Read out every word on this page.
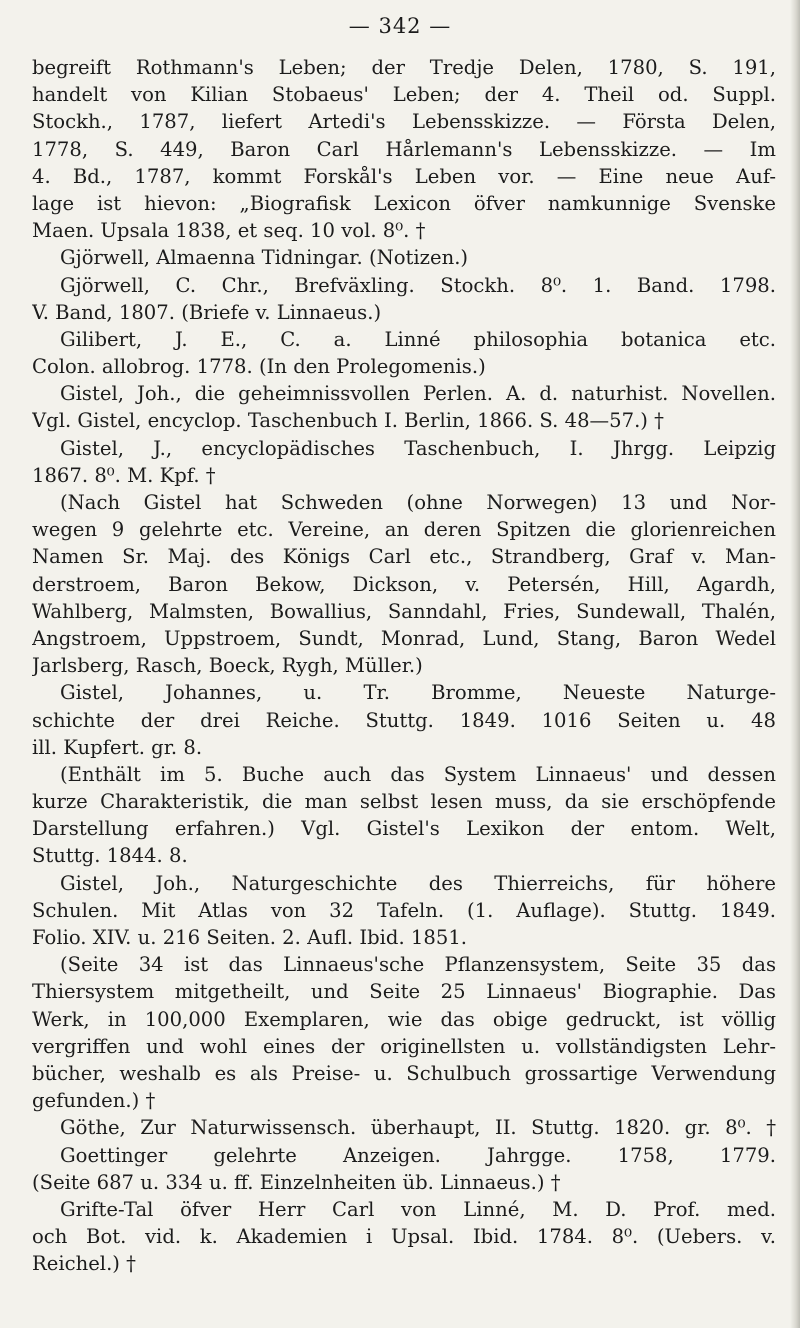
— 342 —
begreift Rothmann's Leben; der Tredje Delen, 1780, S. 191,
handelt von Kilian Stobaeus' Leben; der 4. Theil od. Suppl.
Stockh., 1787, liefert Artedi's Lebensskizze. — Första Delen,
1778, S. 449, Baron Carl Hårlemann's Lebensskizze. — Im
4. Bd., 1787, kommt Forskål's Leben vor. — Eine neue Auf-
lage ist hievon: „Biografisk Lexicon öfver namkunnige Svenske
Maen. Upsala 1838, et seq. 10 vol. 8⁰. †
Gjörwell, Almaenna Tidningar. (Notizen.)
Gjörwell, C. Chr., Brefväxling. Stockh. 8⁰. 1. Band. 1798.
V. Band, 1807. (Briefe v. Linnaeus.)
Gilibert, J. E., C. a. Linné philosophia botanica etc.
Colon. allobrog. 1778. (In den Prolegomenis.)
Gistel, Joh., die geheimnissvollen Perlen. A. d. naturhist. Novellen.
Vgl. Gistel, encyclop. Taschenbuch I. Berlin, 1866. S. 48—57.) †
Gistel, J., encyclopädisches Taschenbuch, I. Jhrgg. Leipzig
1867. 8⁰. M. Kpf. †
(Nach Gistel hat Schweden (ohne Norwegen) 13 und Nor-
wegen 9 gelehrte etc. Vereine, an deren Spitzen die glorienreichen
Namen Sr. Maj. des Königs Carl etc., Strandberg, Graf v. Man-
derstroem, Baron Bekow, Dickson, v. Petersén, Hill, Agardh,
Wahlberg, Malmsten, Bowallius, Sanndahl, Fries, Sundewall, Thalén,
Angstroem, Uppstroem, Sundt, Monrad, Lund, Stang, Baron Wedel
Jarlsberg, Rasch, Boeck, Rygh, Müller.)
Gistel, Johannes, u. Tr. Bromme, Neueste Naturge-
schichte der drei Reiche. Stuttg. 1849. 1016 Seiten u. 48
ill. Kupfert. gr. 8.
(Enthält im 5. Buche auch das System Linnaeus' und dessen
kurze Charakteristik, die man selbst lesen muss, da sie erschöpfende
Darstellung erfahren.) Vgl. Gistel's Lexikon der entom. Welt,
Stuttg. 1844. 8.
Gistel, Joh., Naturgeschichte des Thierreichs, für höhere
Schulen. Mit Atlas von 32 Tafeln. (1. Auflage). Stuttg. 1849.
Folio. XIV. u. 216 Seiten. 2. Aufl. Ibid. 1851.
(Seite 34 ist das Linnaeus'sche Pflanzensystem, Seite 35 das
Thiersystem mitgetheilt, und Seite 25 Linnaeus' Biographie. Das
Werk, in 100,000 Exemplaren, wie das obige gedruckt, ist völlig
vergriffen und wohl eines der originellsten u. vollständigsten Lehr-
bücher, weshalb es als Preise- u. Schulbuch grossartige Verwendung
gefunden.) †
Göthe, Zur Naturwissensch. überhaupt, II. Stuttg. 1820. gr. 8⁰. †
Goettinger gelehrte Anzeigen. Jahrgge. 1758, 1779.
(Seite 687 u. 334 u. ff. Einzelnheiten üb. Linnaeus.) †
Grifte-Tal öfver Herr Carl von Linné, M. D. Prof. med.
och Bot. vid. k. Akademien i Upsal. Ibid. 1784. 8⁰. (Uebers. v.
Reichel.) †
